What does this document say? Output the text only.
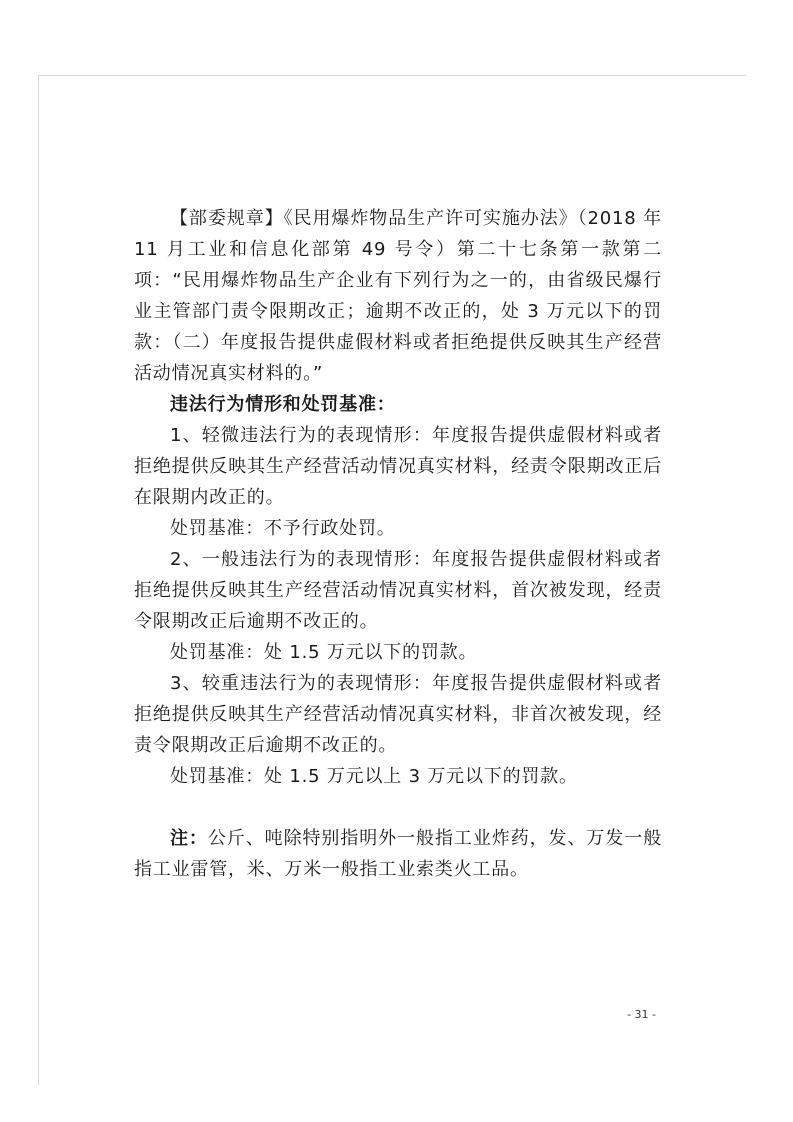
【部委规章】《民用爆炸物品生产许可实施办法》（2018 年 11 月工业和信息化部第 49 号令）第二十七条第一款第二项：“民用爆炸物品生产企业有下列行为之一的，由省级民爆行业主管部门责令限期改正；逾期不改正的，处 3 万元以下的罚款：（二）年度报告提供虚假材料或者拒绝提供反映其生产经营活动情况真实材料的。”

违法行为情形和处罚基准：

1、轻微违法行为的表现情形：年度报告提供虚假材料或者拒绝提供反映其生产经营活动情况真实材料，经责令限期改正后在限期内改正的。

处罚基准：不予行政处罚。

2、一般违法行为的表现情形：年度报告提供虚假材料或者拒绝提供反映其生产经营活动情况真实材料，首次被发现，经责令限期改正后逾期不改正的。

处罚基准：处 1.5 万元以下的罚款。

3、较重违法行为的表现情形：年度报告提供虚假材料或者拒绝提供反映其生产经营活动情况真实材料，非首次被发现，经责令限期改正后逾期不改正的。

处罚基准：处 1.5 万元以上 3 万元以下的罚款。

注：公斤、吨除特别指明外一般指工业炸药，发、万发一般指工业雷管，米、万米一般指工业索类火工品。

- 31 -
